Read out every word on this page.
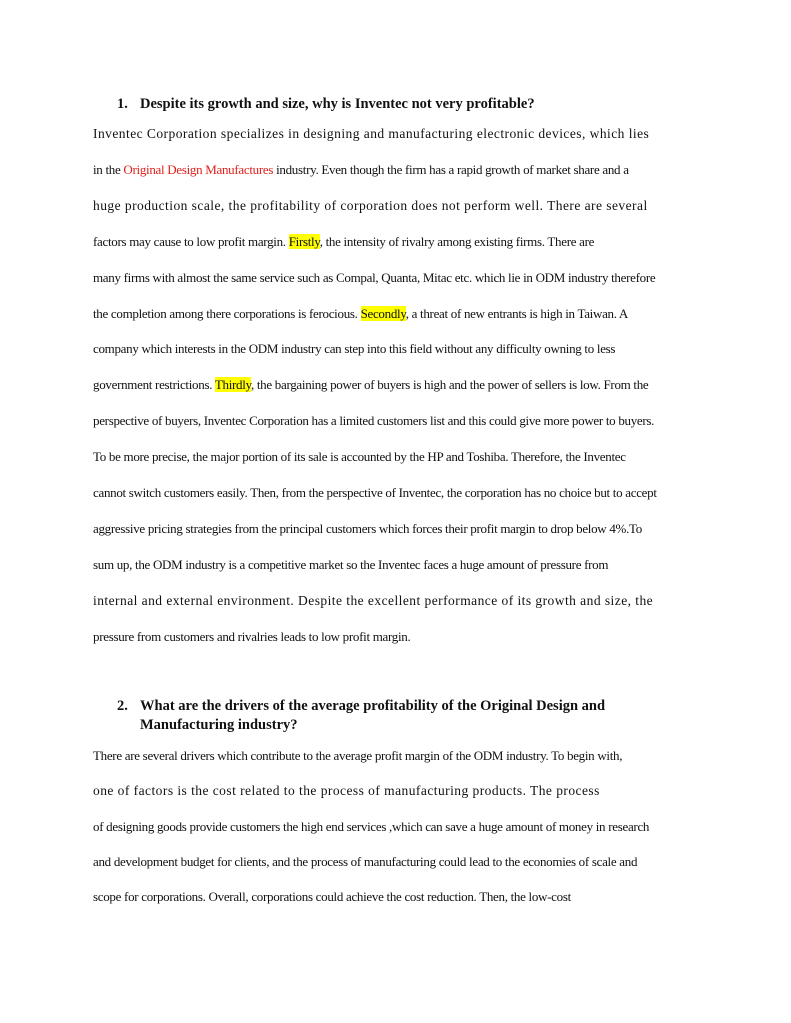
1. Despite its growth and size, why is Inventec not very profitable?
Inventec Corporation specializes in designing and manufacturing electronic devices, which lies
in the Original Design Manufactures industry. Even though the firm has a rapid growth of market share and a
huge production scale, the profitability of corporation does not perform well. There are several
factors may cause to low profit margin. Firstly, the intensity of rivalry among existing firms. There are
many firms with almost the same service such as Compal, Quanta, Mitac etc. which lie in ODM industry therefore
the completion among there corporations is ferocious. Secondly, a threat of new entrants is high in Taiwan. A
company which interests in the ODM industry can step into this field without any difficulty owning to less
government restrictions. Thirdly, the bargaining power of buyers is high and the power of sellers is low. From the
perspective of buyers, Inventec Corporation has a limited customers list and this could give more power to buyers.
To be more precise, the major portion of its sale is accounted by the HP and Toshiba. Therefore, the Inventec
cannot switch customers easily. Then, from the perspective of Inventec, the corporation has no choice but to accept
aggressive pricing strategies from the principal customers which forces their profit margin to drop below 4%.To
sum up, the ODM industry is a competitive market so the Inventec faces a huge amount of pressure from
internal and external environment. Despite the excellent performance of its growth and size, the
pressure from customers and rivalries leads to low profit margin.
2. What are the drivers of the average profitability of the Original Design and Manufacturing industry?
There are several drivers which contribute to the average profit margin of the ODM industry. To begin with,
one of factors is the cost related to the process of manufacturing products. The process
of designing goods provide customers the high end services ,which can save a huge amount of money in research
and development budget for clients, and the process of manufacturing could lead to the economies of scale and
scope for corporations. Overall, corporations could achieve the cost reduction. Then, the low-cost
